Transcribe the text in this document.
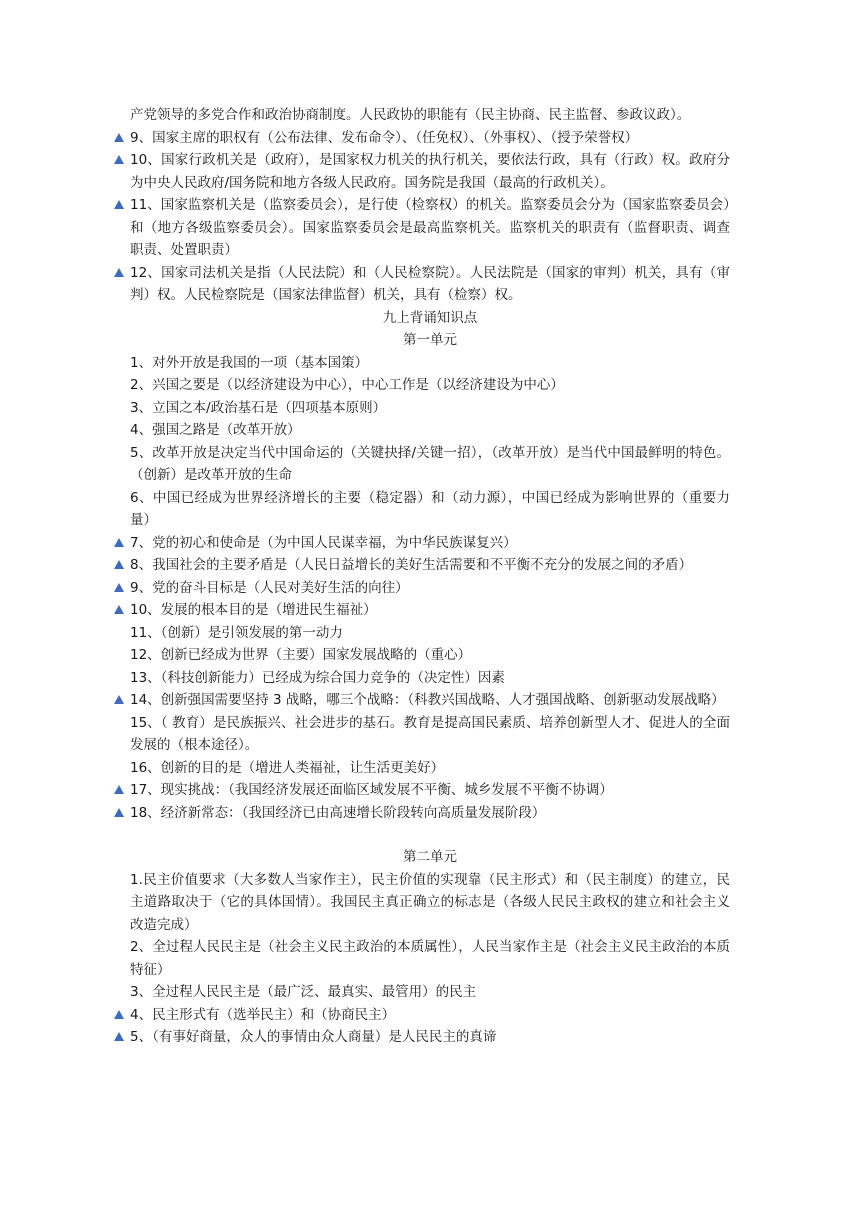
产党领导的多党合作和政治协商制度。人民政协的职能有（民主协商、民主监督、参政议政）。

9、国家主席的职权有（公布法律、发布命令）、（任免权）、（外事权）、（授予荣誉权）

10、国家行政机关是（政府），是国家权力机关的执行机关，要依法行政，具有（行政）权。政府分为中央人民政府/国务院和地方各级人民政府。国务院是我国（最高的行政机关）。

11、国家监察机关是（监察委员会），是行使（检察权）的机关。监察委员会分为（国家监察委员会）和（地方各级监察委员会）。国家监察委员会是最高监察机关。监察机关的职责有（监督职责、调查职责、处置职责）

12、国家司法机关是指（人民法院）和（人民检察院）。人民法院是（国家的审判）机关，具有（审判）权。人民检察院是（国家法律监督）机关，具有（检察）权。

九上背诵知识点

第一单元

1、对外开放是我国的一项（基本国策）

2、兴国之要是（以经济建设为中心），中心工作是（以经济建设为中心）

3、立国之本/政治基石是（四项基本原则）

4、强国之路是（改革开放）

5、改革开放是决定当代中国命运的（关键抉择/关键一招），（改革开放）是当代中国最鲜明的特色。（创新）是改革开放的生命

6、中国已经成为世界经济增长的主要（稳定器）和（动力源），中国已经成为影响世界的（重要力量）

7、党的初心和使命是（为中国人民谋幸福，为中华民族谋复兴）

8、我国社会的主要矛盾是（人民日益增长的美好生活需要和不平衡不充分的发展之间的矛盾）

9、党的奋斗目标是（人民对美好生活的向往）

10、发展的根本目的是（增进民生福祉）

11、（创新）是引领发展的第一动力

12、创新已经成为世界（主要）国家发展战略的（重心）

13、（科技创新能力）已经成为综合国力竞争的（决定性）因素

14、创新强国需要坚持 3 战略，哪三个战略：（科教兴国战略、人才强国战略、创新驱动发展战略）

15、（ 教育）是民族振兴、社会进步的基石。教育是提高国民素质、培养创新型人才、促进人的全面发展的（根本途径）。

16、创新的目的是（增进人类福祉，让生活更美好）

17、现实挑战：（我国经济发展还面临区域发展不平衡、城乡发展不平衡不协调）

18、经济新常态：（我国经济已由高速增长阶段转向高质量发展阶段）

第二单元

1.民主价值要求（大多数人当家作主），民主价值的实现靠（民主形式）和（民主制度）的建立，民主道路取决于（它的具体国情）。我国民主真正确立的标志是（各级人民民主政权的建立和社会主义改造完成）

2、全过程人民民主是（社会主义民主政治的本质属性），人民当家作主是（社会主义民主政治的本质特征）

3、全过程人民民主是（最广泛、最真实、最管用）的民主

4、民主形式有（选举民主）和（协商民主）

5、（有事好商量，众人的事情由众人商量）是人民民主的真谛
